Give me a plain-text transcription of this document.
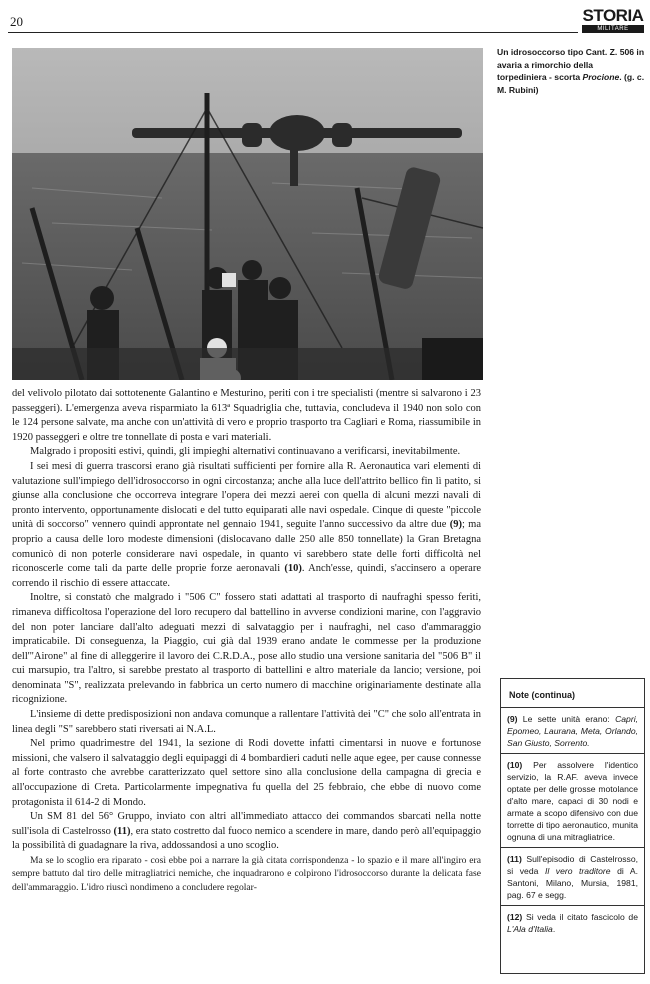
20	STORIA
MILITARE
Un idrosoccorso tipo Cant. Z. 506 in avaria a rimorchio della torpediniera - scorta Procione. (g. c. M. Rubini)

del velivolo pilotato dai sottotenente Galantino e Mesturino, periti con i tre specialisti (mentre si salvarono i 23 passeggeri). L'emergenza aveva risparmiato la 613ª Squadriglia che, tuttavia, concludeva il 1940 non solo con le 124 persone salvate, ma anche con un'attività di vero e proprio trasporto tra Cagliari e Roma, riassumibile in 1920 passeggeri e oltre tre tonnellate di posta e vari materiali.

Malgrado i propositi estivi, quindi, gli impieghi alternativi continuavano a verificarsi, inevitabilmente.

I sei mesi di guerra trascorsi erano già risultati sufficienti per fornire alla R. Aeronautica vari elementi di valutazione sull'impiego dell'idrosoccorso in ogni circostanza; anche alla luce dell'attrito bellico fin lì patito, si giunse alla conclusione che occorreva integrare l'opera dei mezzi aerei con quella di alcuni mezzi navali di pronto intervento, opportunamente dislocati e del tutto equiparati alle navi ospedale. Cinque di queste "piccole unità di soccorso" vennero quindi approntate nel gennaio 1941, seguite l'anno successivo da altre due (9); ma proprio a causa delle loro modeste dimensioni (dislocavano dalle 250 alle 850 tonnellate) la Gran Bretagna comunicò di non poterle considerare navi ospedale, in quanto vi sarebbero state delle forti difficoltà nel riconoscerle come tali da parte delle proprie forze aeronavali (10). Anch'esse, quindi, s'accinsero a operare correndo il rischio di essere attaccate.

Inoltre, si constatò che malgrado i "506 C" fossero stati adattati al trasporto di naufraghi spesso feriti, rimaneva difficoltosa l'operazione del loro recupero dal battellino in avverse condizioni marine, con l'aggravio del non poter lanciare dall'alto adeguati mezzi di salvataggio per i naufraghi, nel caso d'ammaraggio impraticabile. Di conseguenza, la Piaggio, cui già dal 1939 erano andate le commesse per la produzione dell'"Airone" al fine di alleggerire il lavoro dei C.R.D.A., pose allo studio una versione sanitaria del "506 B" il cui marsupio, tra l'altro, si sarebbe prestato al trasporto di battellini e altro materiale da lancio; versione, poi denominata "S", realizzata prelevando in fabbrica un certo numero di macchine originariamente destinate alla ricognizione.

L'insieme di dette predisposizioni non andava comunque a rallentare l'attività dei "C" che solo all'entrata in linea degli "S" sarebbero stati riversati ai N.A.L.

Nel primo quadrimestre del 1941, la sezione di Rodi dovette infatti cimentarsi in nuove e fortunose missioni, che valsero il salvataggio degli equipaggi di 4 bombardieri caduti nelle aque egee, per cause connesse al forte contrasto che avrebbe caratterizzato quel settore sino alla conclusione della campagna di grecia e all'occupazione di Creta. Particolarmente impegnativa fu quella del 25 febbraio, che ebbe di nuovo come protagonista il 614-2 di Mondo.

Un SM 81 del 56° Gruppo, inviato con altri all'immediato attacco dei commandos sbarcati nella notte sull'isola di Castelrosso (11), era stato costretto dal fuoco nemico a scendere in mare, dando però all'equipaggio la possibilità di guadagnare la riva, addossandosi a uno scoglio.

Ma se lo scoglio era riparato - così ebbe poi a narrare la già citata corrispondenza - lo spazio e il mare all'ingiro era sempre battuto dal tiro delle mitragliatrici nemiche, che inquadrarono e colpirono l'idrosoccorso durante la delicata fase dell'ammaraggio. L'idro riuscì nondimeno a concludere regolar-

Note (continua)
(9) Le sette unità erano: Capri, Epomeo, Laurana, Meta, Orlando, San Giusto, Sorrento.
(10) Per assolvere l'identico servizio, la R.AF. aveva invece optate per delle grosse motolance d'alto mare, capaci di 30 nodi e armate a scopo difensivo con due torrette di tipo aeronautico, munita ognuna di una mitragliatrice.
(11) Sull'episodio di Castelrosso, si veda Il vero traditore di A. Santoni, Milano, Mursia, 1981, pag. 67 e segg.
(12) Si veda il citato fascicolo de L'Ala d'Italia.
